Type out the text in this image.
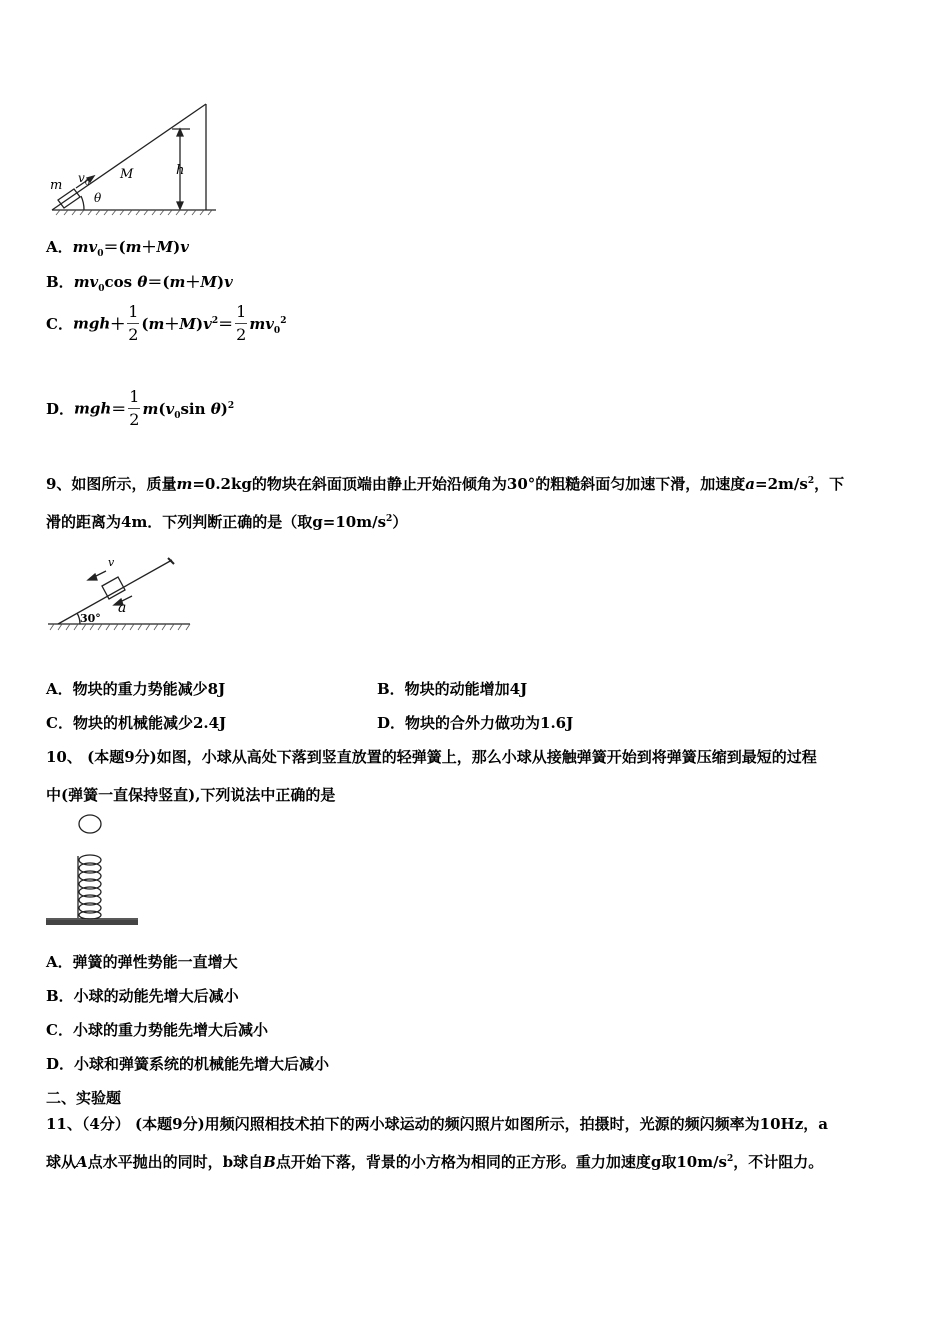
m $v_0$
M	h
θ
A．$mv_0=(m+M)v$
B．$mv_0\cos$ θ＝(m＋M)v
C．$mgh+ \frac{1}{2} (m+M)v^2= \frac{1}{2} mv_0^2$
D．$mgh= \frac{1}{2} m(v_0\sin$ θ)$^2$
9、如图所示，质量m=0.2kg的物块在斜面顶端由静止开始沿倾角为30°的粗糙斜面匀加速下滑，加速度$a=2m/s^2$，下
滑的距离为4m．下列判断正确的是（取$g=10m/s^2$）
v
a
30°
A．物块的重力势能减少8J	B．物块的动能增加4J
C．物块的机械能减少2.4J	D．物块的合外力做功为1.6J
10、 (本题9分)如图，小球从高处下落到竖直放置的轻弹簧上，那么小球从接触弹簧开始到将弹簧压缩到最短的过程
中(弹簧一直保持竖直),下列说法中正确的是
A．弹簧的弹性势能一直增大
B．小球的动能先增大后减小
C．小球的重力势能先增大后减小
D．小球和弹簧系统的机械能先增大后减小
二、实验题
11、（4分） (本题9分)用频闪照相技术拍下的两小球运动的频闪照片如图所示，拍摄时，光源的频闪频率为10Hz，a
球从A点水平抛出的同时，b球自B点开始下落，背景的小方格为相同的正方形。重力加速度g取$10m/s^2$，不计阻力。
